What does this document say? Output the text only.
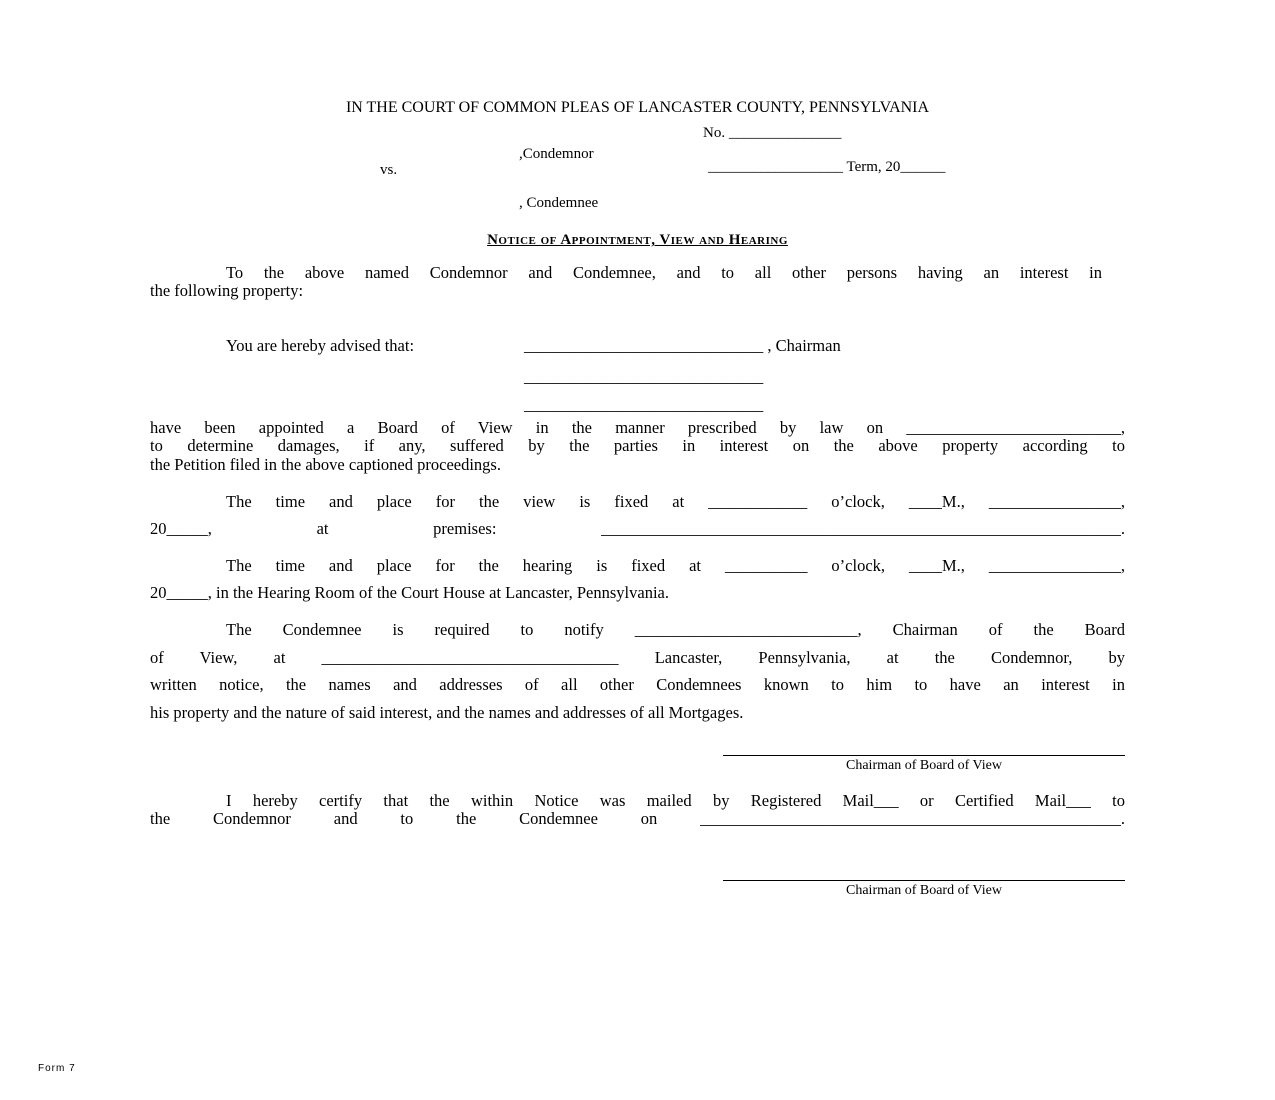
IN THE COURT OF COMMON PLEAS OF LANCASTER COUNTY, PENNSYLVANIA
No. _______________
,Condemnor
vs.	__________________ Term, 20______
, Condemnee
Notice of Appointment, View and Hearing
To the above named Condemnor and Condemnee, and to all other persons having an interest in
the following property:
You are hereby advised that:	_____________________________ , Chairman
_____________________________
_____________________________
have been appointed a Board of View in the manner prescribed by law on __________________________,
to determine damages, if any, suffered by the parties in interest on the above property according to
the Petition filed in the above captioned proceedings.
The time and place for the view is fixed at ____________ o’clock, ____M., ________________,
20_____, at premises: _______________________________________________________________.
The time and place for the hearing is fixed at __________ o’clock, ____M., ________________,
20_____, in the Hearing Room of the Court House at Lancaster, Pennsylvania.
The Condemnee is required to notify ___________________________, Chairman of the Board
of View, at ____________________________________ Lancaster, Pennsylvania, at the Condemnor, by
written notice, the names and addresses of all other Condemnees known to him to have an interest in
his property and the nature of said interest, and the names and addresses of all Mortgages.
Chairman of Board of View
I hereby certify that the within Notice was mailed by Registered Mail___ or Certified Mail___ to
the Condemnor and to the Condemnee on ___________________________________________________.
Chairman of Board of View
Form 7
